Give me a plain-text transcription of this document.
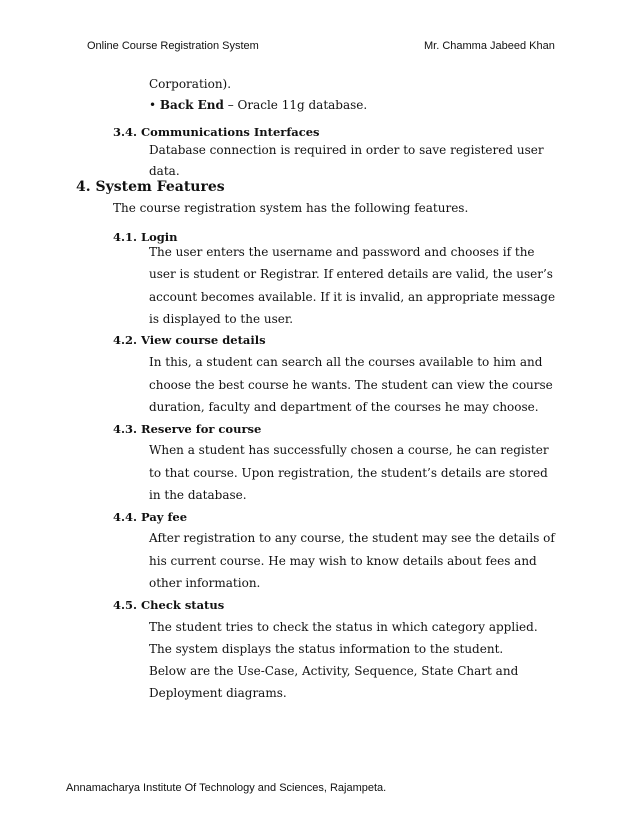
Online Course Registration System	Mr. Chamma Jabeed Khan
Corporation).
• Back End – Oracle 11g database.
3.4. Communications Interfaces
Database connection is required in order to save registered user
data.
4. System Features
The course registration system has the following features.
4.1. Login
The user enters the username and password and chooses if the
user is student or Registrar. If entered details are valid, the user’s
account becomes available. If it is invalid, an appropriate message
is displayed to the user.
4.2. View course details
In this, a student can search all the courses available to him and
choose the best course he wants. The student can view the course
duration, faculty and department of the courses he may choose.
4.3. Reserve for course
When a student has successfully chosen a course, he can register
to that course. Upon registration, the student’s details are stored
in the database.
4.4. Pay fee
After registration to any course, the student may see the details of
his current course. He may wish to know details about fees and
other information.
4.5. Check status
The student tries to check the status in which category applied.
The system displays the status information to the student.
Below are the Use-Case, Activity, Sequence, State Chart and
Deployment diagrams.
Annamacharya Institute Of Technology and Sciences, Rajampeta.
